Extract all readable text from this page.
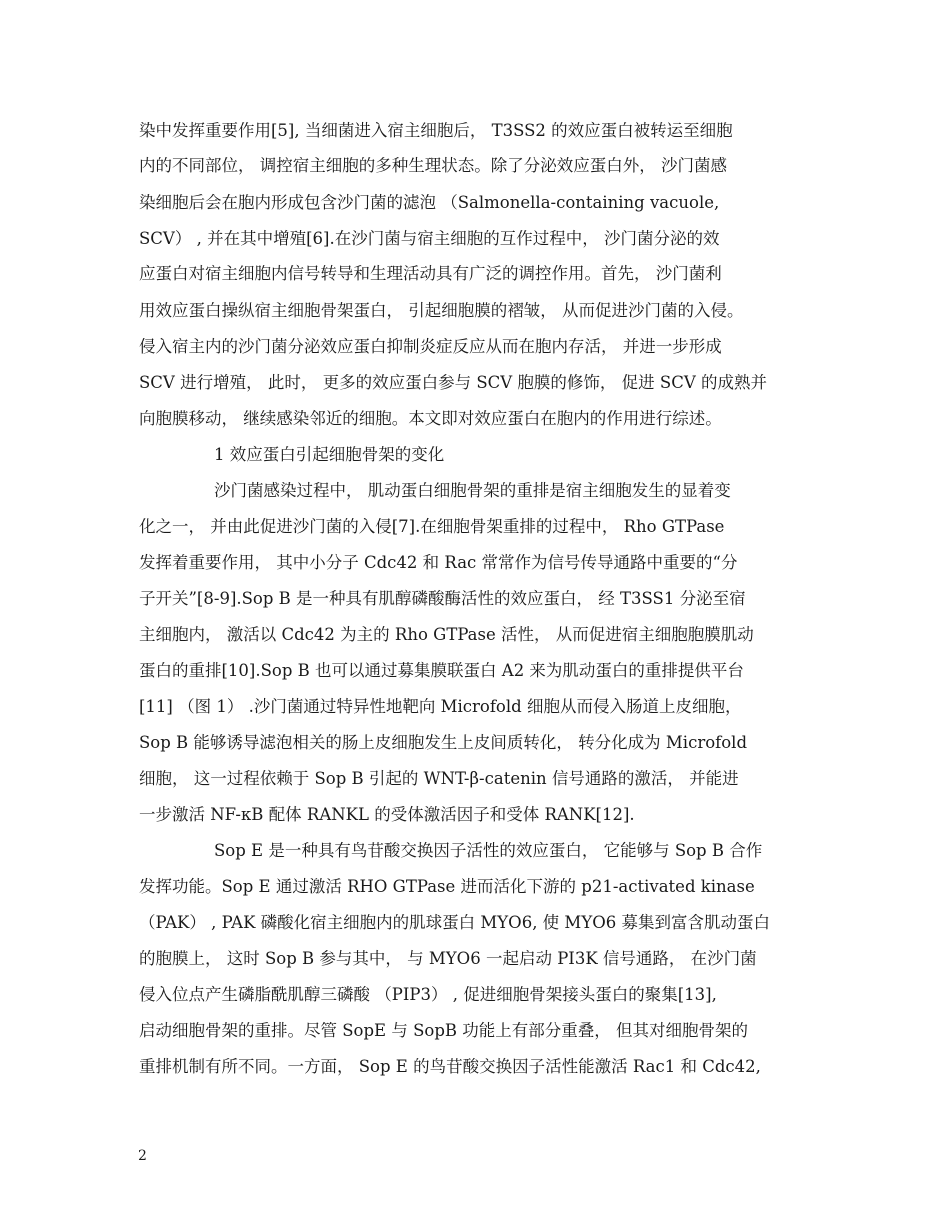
染中发挥重要作用[5], 当细菌进入宿主细胞后， T3SS2 的效应蛋白被转运至细胞
内的不同部位， 调控宿主细胞的多种生理状态。除了分泌效应蛋白外， 沙门菌感
染细胞后会在胞内形成包含沙门菌的滤泡 （Salmonella-containing vacuole,
SCV） , 并在其中增殖[6].在沙门菌与宿主细胞的互作过程中， 沙门菌分泌的效
应蛋白对宿主细胞内信号转导和生理活动具有广泛的调控作用。首先， 沙门菌利
用效应蛋白操纵宿主细胞骨架蛋白， 引起细胞膜的褶皱， 从而促进沙门菌的入侵。
侵入宿主内的沙门菌分泌效应蛋白抑制炎症反应从而在胞内存活， 并进一步形成
SCV 进行增殖， 此时， 更多的效应蛋白参与 SCV 胞膜的修饰， 促进 SCV 的成熟并
向胞膜移动， 继续感染邻近的细胞。本文即对效应蛋白在胞内的作用进行综述。
1 效应蛋白引起细胞骨架的变化
沙门菌感染过程中， 肌动蛋白细胞骨架的重排是宿主细胞发生的显着变
化之一， 并由此促进沙门菌的入侵[7].在细胞骨架重排的过程中， Rho GTPase
发挥着重要作用， 其中小分子 Cdc42 和 Rac 常常作为信号传导通路中重要的“分
子开关”[8-9].Sop B 是一种具有肌醇磷酸酶活性的效应蛋白， 经 T3SS1 分泌至宿
主细胞内， 激活以 Cdc42 为主的 Rho GTPase 活性， 从而促进宿主细胞胞膜肌动
蛋白的重排[10].Sop B 也可以通过募集膜联蛋白 A2 来为肌动蛋白的重排提供平台
[11] （图 1） .沙门菌通过特异性地靶向 Microfold 细胞从而侵入肠道上皮细胞，
Sop B 能够诱导滤泡相关的肠上皮细胞发生上皮间质转化， 转分化成为 Microfold
细胞， 这一过程依赖于 Sop B 引起的 WNT-β-catenin 信号通路的激活， 并能进
一步激活 NF-κB 配体 RANKL 的受体激活因子和受体 RANK[12].
Sop E 是一种具有鸟苷酸交换因子活性的效应蛋白， 它能够与 Sop B 合作
发挥功能。Sop E 通过激活 RHO GTPase 进而活化下游的 p21-activated kinase
（PAK） , PAK 磷酸化宿主细胞内的肌球蛋白 MYO6, 使 MYO6 募集到富含肌动蛋白
的胞膜上， 这时 Sop B 参与其中， 与 MYO6 一起启动 PI3K 信号通路， 在沙门菌
侵入位点产生磷脂酰肌醇三磷酸 （PIP3） , 促进细胞骨架接头蛋白的聚集[13],
启动细胞骨架的重排。尽管 SopE 与 SopB 功能上有部分重叠， 但其对细胞骨架的
重排机制有所不同。一方面， Sop E 的鸟苷酸交换因子活性能激活 Rac1 和 Cdc42,
2
